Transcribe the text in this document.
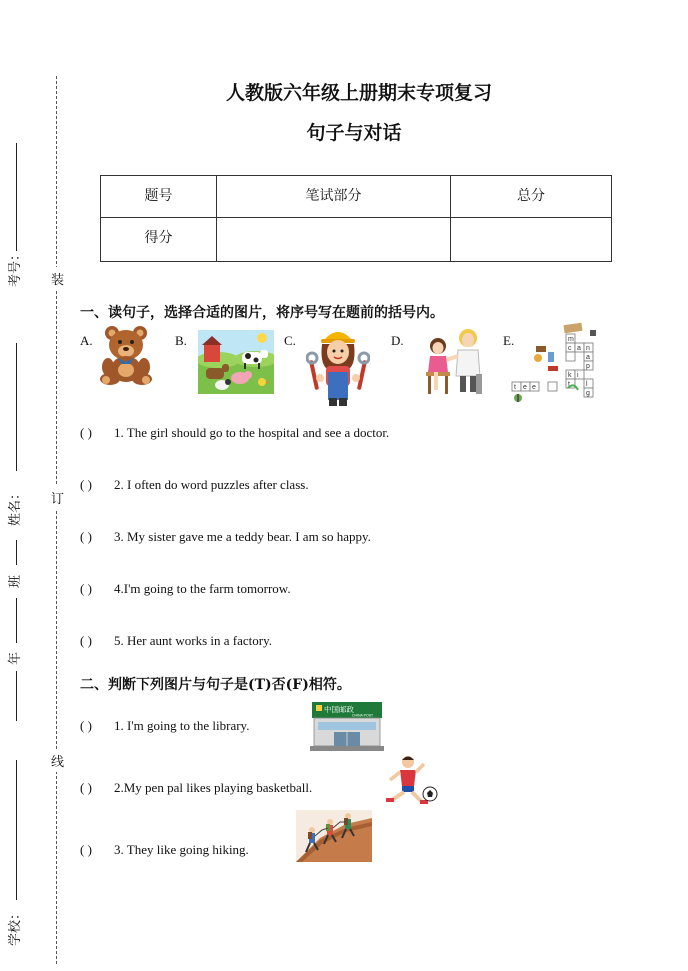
人教版六年级上册期末专项复习
句子与对话
题号	笔试部分	总分

得分		

装
订
线
考号：
姓名：
班
年
学校：
一、读句子，选择合适的图片，将序号写在题前的括号内。
A.	B.	C.	D.	E.	m
c a n
a
p
k i
t
t e e	l
g
( ) 1. The girl should go to the hospital and see a doctor.
( ) 2. I often do word puzzles after class.
( ) 3. My sister gave me a teddy bear. I am so happy.
( ) 4.I'm going to the farm tomorrow.
( ) 5. Her aunt works in a factory.
二、判断下列图片与句子是(T)否(F)相符。
( ) 1. I'm going to the library.
( ) 2.My pen pal likes playing basketball.
( ) 3. They like going hiking.
中国邮政
CHINA POST
